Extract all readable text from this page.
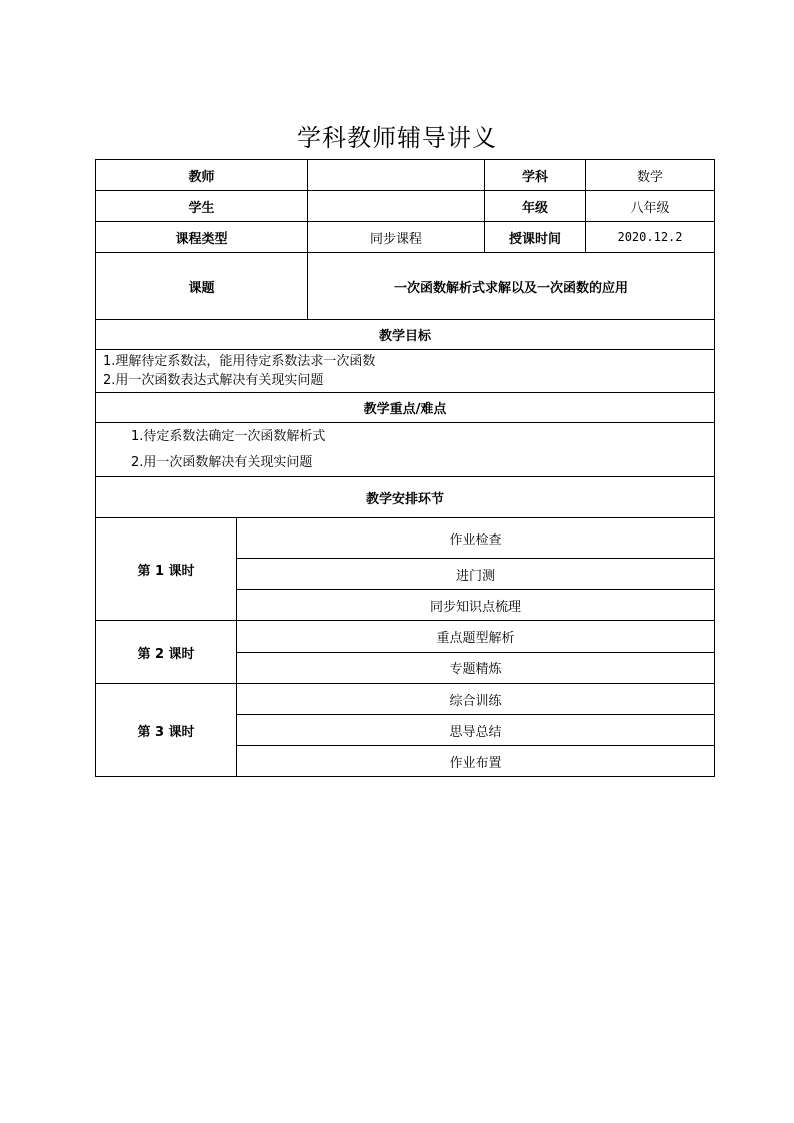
学科教师辅导讲义
教师		学科	数学
学生		年级	八年级
课程类型	同步课程	授课时间	2020.12.2
课题	一次函数解析式求解以及一次函数的应用
教学目标

1.理解待定系数法，能用待定系数法求一次函数
2.用一次函数表达式解决有关现实问题

教学重点/难点

1.待定系数法确定一次函数解析式
2.用一次函数解决有关现实问题

教学安排环节
第 1 课时	
作业检查
进门测
同步知识点梳理

第 2 课时	
重点题型解析
专题精炼

第 3 课时	
综合训练
思导总结
作业布置
